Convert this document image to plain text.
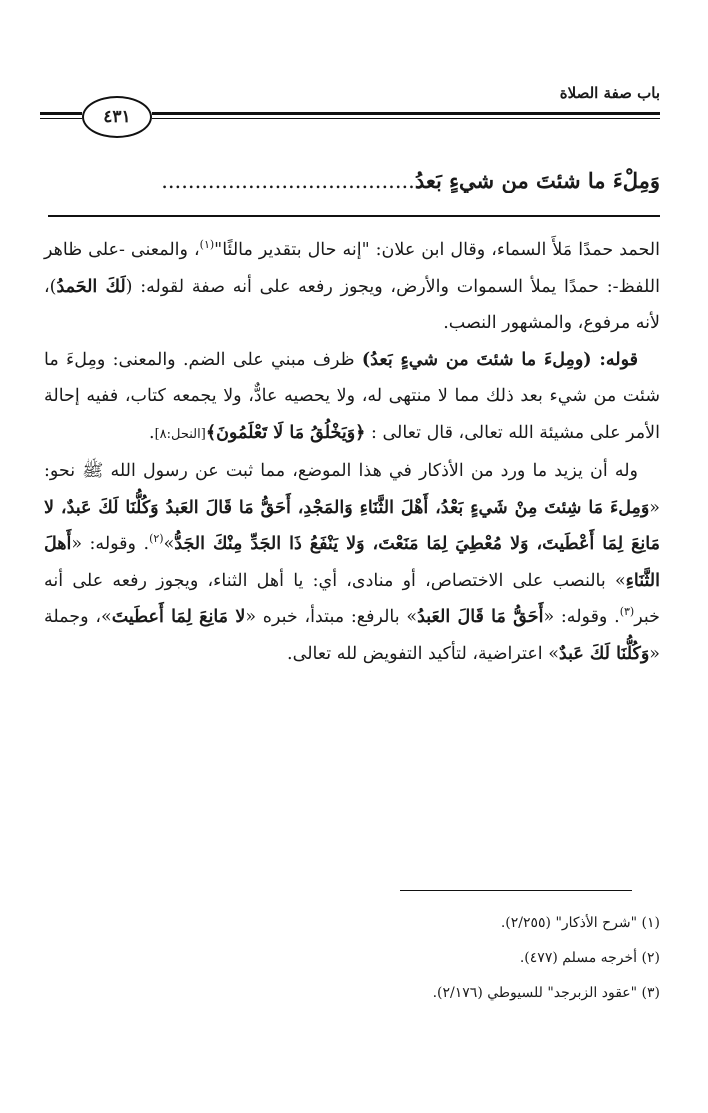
باب صفة الصلاة
٤٣١
وَمِلْءَ ما شئتَ من شيءٍ بَعدُ......................................

الحمد حمدًا مَلأَ السماء، وقال ابن علان: "إنه حال بتقدير مالئًا"$^{(١)}$، والمعنى -على ظاهر اللفظ-: حمدًا يملأ السموات والأرض، ويجوز رفعه على أنه صفة لقوله: (لَكَ الحَمدُ)، لأنه مرفوع، والمشهور النصب.

قوله: (ومِلءَ ما شئتَ من شيءٍ بَعدُ) ظرف مبني على الضم. والمعنى: ومِلءَ ما شئت من شيء بعد ذلك مما لا منتهى له، ولا يحصيه عادٌّ، ولا يجمعه كتاب، ففيه إحالة الأمر على مشيئة الله تعالى، قال تعالى : ﴿وَيَخْلُقُ مَا لَا تَعْلَمُونَ﴾[النحل:٨].

وله أن يزيد ما ورد من الأذكار في هذا الموضع، مما ثبت عن رسول الله ﷺ نحو: «وَمِلءَ مَا شِئتَ مِنْ شَيءٍ بَعْدُ، أَهْلَ الثَّنَاءِ وَالمَجْدِ، أَحَقُّ مَا قَالَ العَبدُ وَكُلُّنَا لَكَ عَبدٌ، لا مَانِعَ لِمَا أَعْطَيتَ، وَلا مُعْطِيَ لِمَا مَنَعْتَ، وَلا يَنْفَعُ ذَا الجَدِّ مِنْكَ الجَدُّ»$^{(٢)}$. وقوله: «أَهلَ الثَّنَاءِ» بالنصب على الاختصاص، أو منادى، أي: يا أهل الثناء، ويجوز رفعه على أنه خبر$^{(٣)}$. وقوله: «أَحَقُّ مَا قَالَ العَبدُ» بالرفع: مبتدأ، خبره «لا مَانِعَ لِمَا أَعطَيتَ»، وجملة «وَكُلُّنَا لَكَ عَبدٌ» اعتراضية، لتأكيد التفويض لله تعالى.

(١) "شرح الأذكار" (٢/٢٥٥).
(٢) أخرجه مسلم (٤٧٧).
(٣) "عقود الزبرجد" للسيوطي (٢/١٧٦).
